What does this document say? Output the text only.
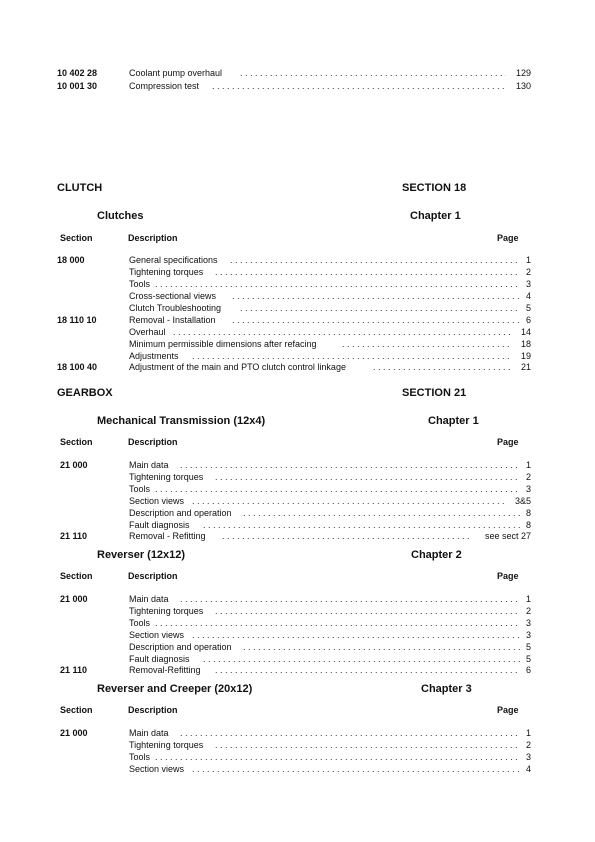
10 402 28	Coolant pump overhaul . . .	129
10 001 30	Compression test . . .	130
CLUTCH	SECTION 18
Clutches	Chapter 1
Section	Description	Page
18 000	General specifications . . .	1
Tightening torques . . .	2
Tools . . .	3
Cross-sectional views . . .	4
Clutch Troubleshooting . . .	5
18 110 10	Removal - Installation . . .	6
Overhaul . . .	14
Minimum permissible dimensions after refacing . . .	18
Adjustments . . .	19
18 100 40	Adjustment of the main and PTO clutch control linkage . . .	21
GEARBOX	SECTION 21
Mechanical Transmission (12x4)	Chapter 1
Section	Description	Page
21 000	Main data . . .	1
Tightening torques . . .	2
Tools . . .	3
Section views . . .	3&5
Description and operation . . .	8
Fault diagnosis . . .	8
21 110	Removal - Refitting . . .	see sect 27
Reverser (12x12)	Chapter 2
Section	Description	Page
21 000	Main data . . .	1
Tightening torques . . .	2
Tools . . .	3
Section views . . .	3
Description and operation . . .	5
Fault diagnosis . . .	5
21 110	Removal-Refitting . . .	6
Reverser and Creeper (20x12)	Chapter 3
Section	Description	Page
21 000	Main data . . .	1
Tightening torques . . .	2
Tools . . .	3
Section views . . .	4
